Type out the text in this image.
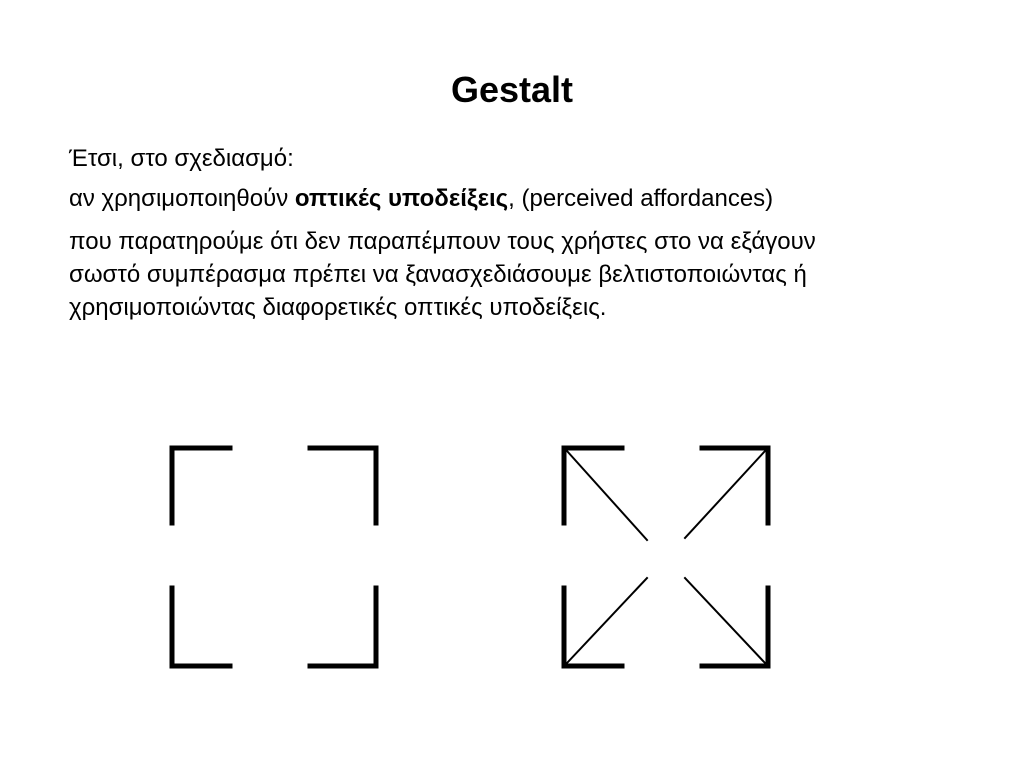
Gestalt
Έτσι, στο σχεδιασμό:
αν χρησιμοποιηθούν οπτικές υποδείξεις, (perceived affordances)
που παρατηρούμε ότι δεν παραπέμπουν τους χρήστες στο να εξάγουν σωστό συμπέρασμα πρέπει να ξανασχεδιάσουμε βελτιστοποιώντας ή χρησιμοποιώντας διαφορετικές οπτικές υποδείξεις.
